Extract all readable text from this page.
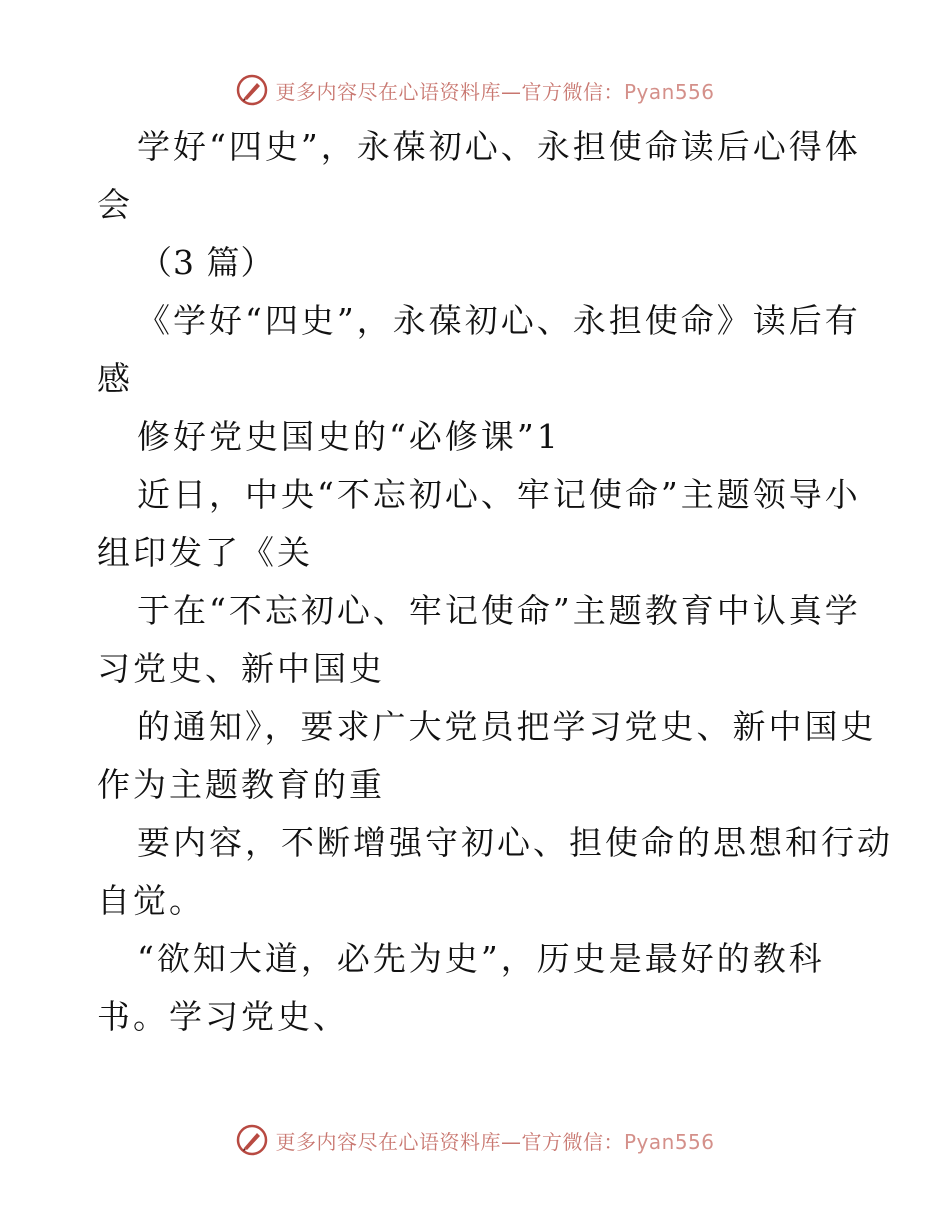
更多内容尽在心语资料库—官方微信：Pyan556
学好“四史”，永葆初心、永担使命读后心得体
会
（3 篇）
《学好“四史”，永葆初心、永担使命》读后有
感
修好党史国史的“必修课”1
近日，中央“不忘初心、牢记使命”主题领导小
组印发了《关
于在“不忘初心、牢记使命”主题教育中认真学
习党史、新中国史
的通知》，要求广大党员把学习党史、新中国史
作为主题教育的重
要内容，不断增强守初心、担使命的思想和行动
自觉。
“欲知大道，必先为史”，历史是最好的教科
书。学习党史、
更多内容尽在心语资料库—官方微信：Pyan556
